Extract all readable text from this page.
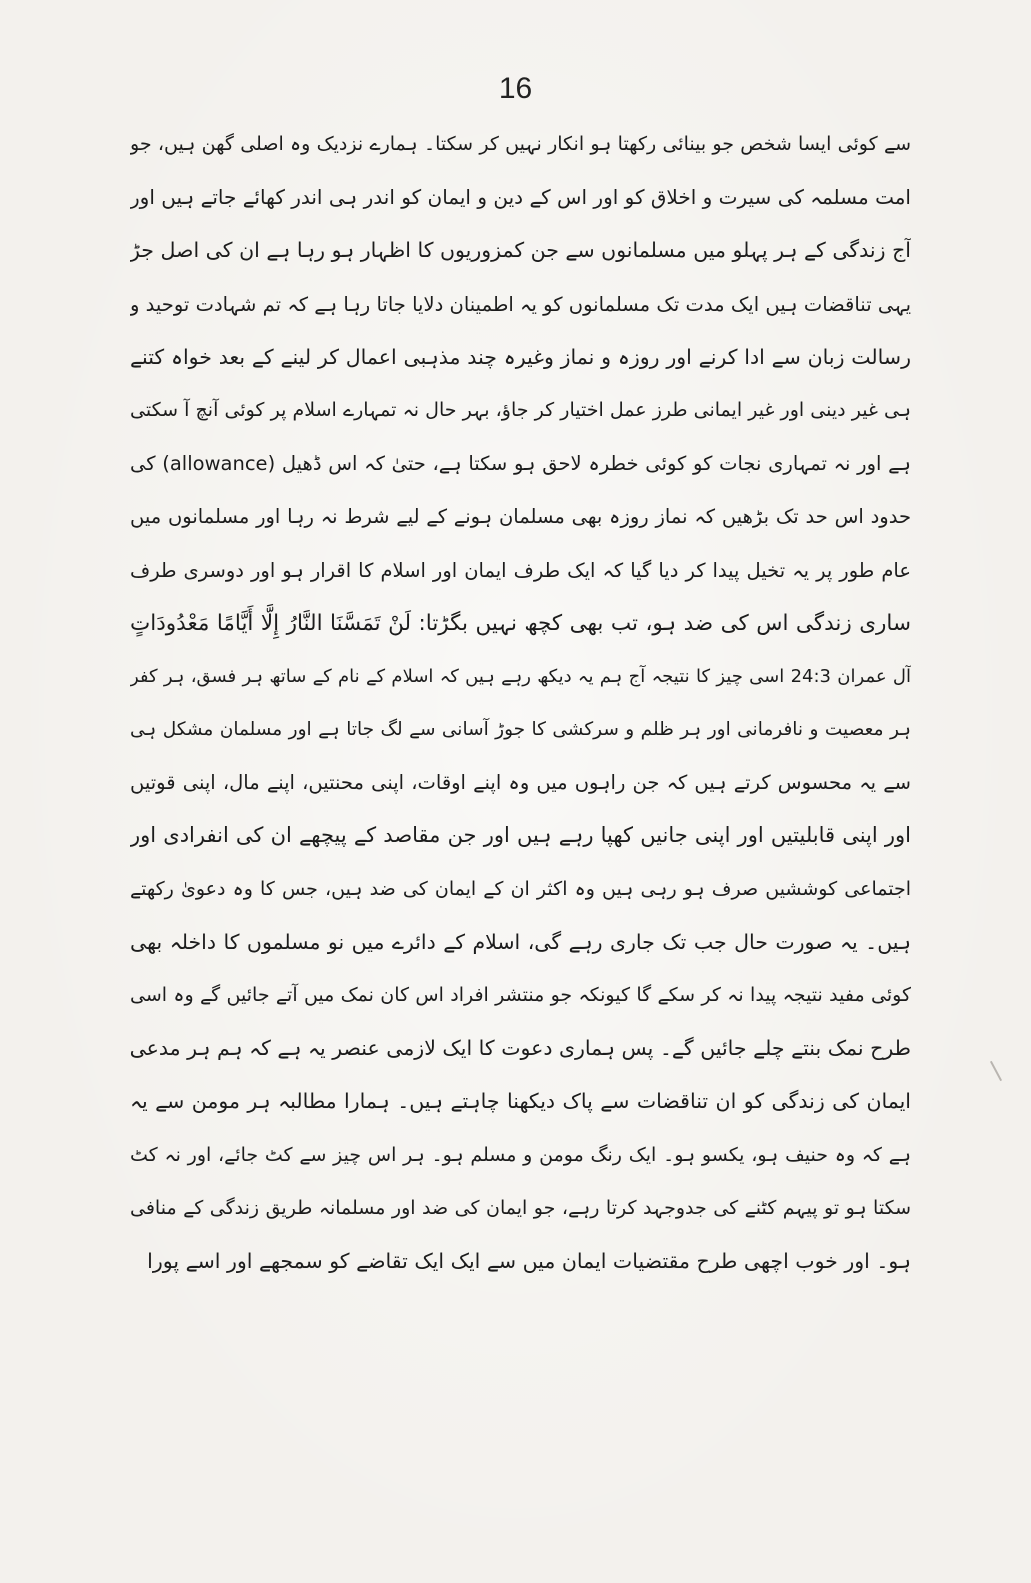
16
سے کوئی ایسا شخص جو بینائی رکھتا ہو انکار نہیں کر سکتا۔ ہمارے نزدیک وہ اصلی گھن ہیں، جو
امت مسلمہ کی سیرت و اخلاق کو اور اس کے دین و ایمان کو اندر ہی اندر کھائے جاتے ہیں اور
آج زندگی کے ہر پہلو میں مسلمانوں سے جن کمزوریوں کا اظہار ہو رہا ہے ان کی اصل جڑ
یہی تناقضات ہیں ایک مدت تک مسلمانوں کو یہ اطمینان دلایا جاتا رہا ہے کہ تم شہادت توحید و
رسالت زبان سے ادا کرنے اور روزہ و نماز وغیرہ چند مذہبی اعمال کر لینے کے بعد خواہ کتنے
ہی غیر دینی اور غیر ایمانی طرز عمل اختیار کر جاؤ، بہر حال نہ تمہارے اسلام پر کوئی آنچ آ سکتی
ہے اور نہ تمہاری نجات کو کوئی خطرہ لاحق ہو سکتا ہے، حتیٰ کہ اس ڈھیل (allowance) کی
حدود اس حد تک بڑھیں کہ نماز روزہ بھی مسلمان ہونے کے لیے شرط نہ رہا اور مسلمانوں میں
عام طور پر یہ تخیل پیدا کر دیا گیا کہ ایک طرف ایمان اور اسلام کا اقرار ہو اور دوسری طرف
ساری زندگی اس کی ضد ہو، تب بھی کچھ نہیں بگڑتا: لَنْ تَمَسَّنَا النَّارُ إِلَّا أَيَّامًا مَعْدُودَاتٍ
آل عمران 24:3 اسی چیز کا نتیجہ آج ہم یہ دیکھ رہے ہیں کہ اسلام کے نام کے ساتھ ہر فسق، ہر کفر
ہر معصیت و نافرمانی اور ہر ظلم و سرکشی کا جوڑ آسانی سے لگ جاتا ہے اور مسلمان مشکل ہی
سے یہ محسوس کرتے ہیں کہ جن راہوں میں وہ اپنے اوقات، اپنی محنتیں، اپنے مال، اپنی قوتیں
اور اپنی قابلیتیں اور اپنی جانیں کھپا رہے ہیں اور جن مقاصد کے پیچھے ان کی انفرادی اور
اجتماعی کوششیں صرف ہو رہی ہیں وہ اکثر ان کے ایمان کی ضد ہیں، جس کا وہ دعویٰ رکھتے
ہیں۔ یہ صورت حال جب تک جاری رہے گی، اسلام کے دائرے میں نو مسلموں کا داخلہ بھی
کوئی مفید نتیجہ پیدا نہ کر سکے گا کیونکہ جو منتشر افراد اس کان نمک میں آتے جائیں گے وہ اسی
طرح نمک بنتے چلے جائیں گے۔ پس ہماری دعوت کا ایک لازمی عنصر یہ ہے کہ ہم ہر مدعی
ایمان کی زندگی کو ان تناقضات سے پاک دیکھنا چاہتے ہیں۔ ہمارا مطالبہ ہر مومن سے یہ
ہے کہ وہ حنیف ہو، یکسو ہو۔ ایک رنگ مومن و مسلم ہو۔ ہر اس چیز سے کٹ جائے، اور نہ کٹ
سکتا ہو تو پیہم کٹنے کی جدوجہد کرتا رہے، جو ایمان کی ضد اور مسلمانہ طریق زندگی کے منافی
ہو۔ اور خوب اچھی طرح مقتضیات ایمان میں سے ایک ایک تقاضے کو سمجھے اور اسے پورا
